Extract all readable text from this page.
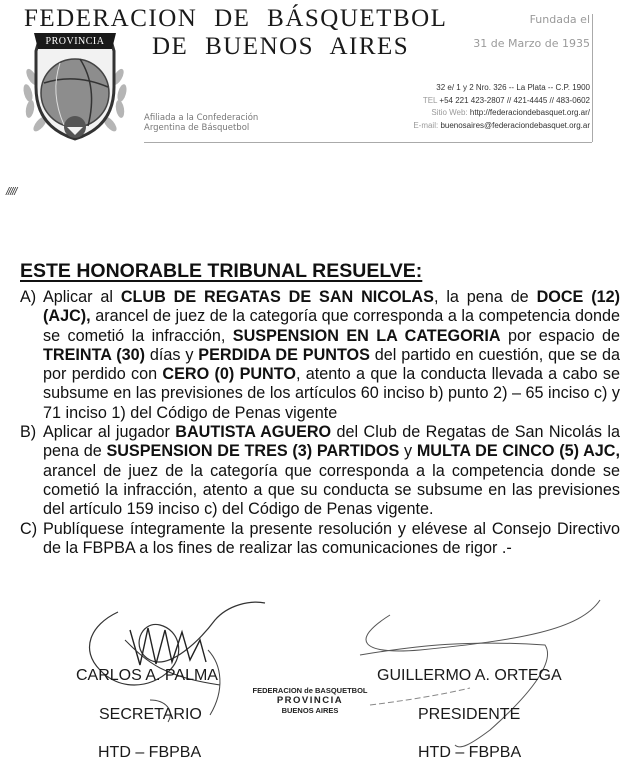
FEDERACION DE BÁSQUETBOL
DE BUENOS AIRES
PROVINCIA
Fundada el
31 de Marzo de 1935
32 e/ 1 y 2 Nro. 326 -- La Plata -- C.P. 1900
TEL +54 221 423-2807 // 421-4445 // 483-0602
Sitio Web: http://federaciondebasquet.org.ar/
E-mail: buenosaires@federaciondebasquet.org.ar
Afiliada a la Confederación
Argentina de Básquetbol
/////
ESTE HONORABLE TRIBUNAL RESUELVE:
A) Aplicar al CLUB DE REGATAS DE SAN NICOLAS, la pena de DOCE (12) (AJC), arancel de juez de la categoría que corresponda a la competencia donde se cometió la infracción, SUSPENSION EN LA CATEGORIA por espacio de TREINTA (30) días y PERDIDA DE PUNTOS del partido en cuestión, que se da por perdido con CERO (0) PUNTO, atento a que la conducta llevada a cabo se subsume en las previsiones de los artículos 60 inciso b) punto 2) – 65 inciso c) y 71 inciso 1) del Código de Penas vigente
B) Aplicar al jugador BAUTISTA AGUERO del Club de Regatas de San Nicolás la pena de SUSPENSION DE TRES (3) PARTIDOS y MULTA DE CINCO (5) AJC, arancel de juez de la categoría que corresponda a la competencia donde se cometió la infracción, atento a que su conducta se subsume en las previsiones del artículo 159 inciso c) del Código de Penas vigente.
C) Publíquese íntegramente la presente resolución y elévese al Consejo Directivo de la FBPBA a los fines de realizar las comunicaciones de rigor .-
CARLOS A. PALMA
SECRETARIO
HTD – FBPBA
GUILLERMO A. ORTEGA
PRESIDENTE
HTD – FBPBA
FEDERACION de BASQUETBOL
PROVINCIA
BUENOS AIRES
